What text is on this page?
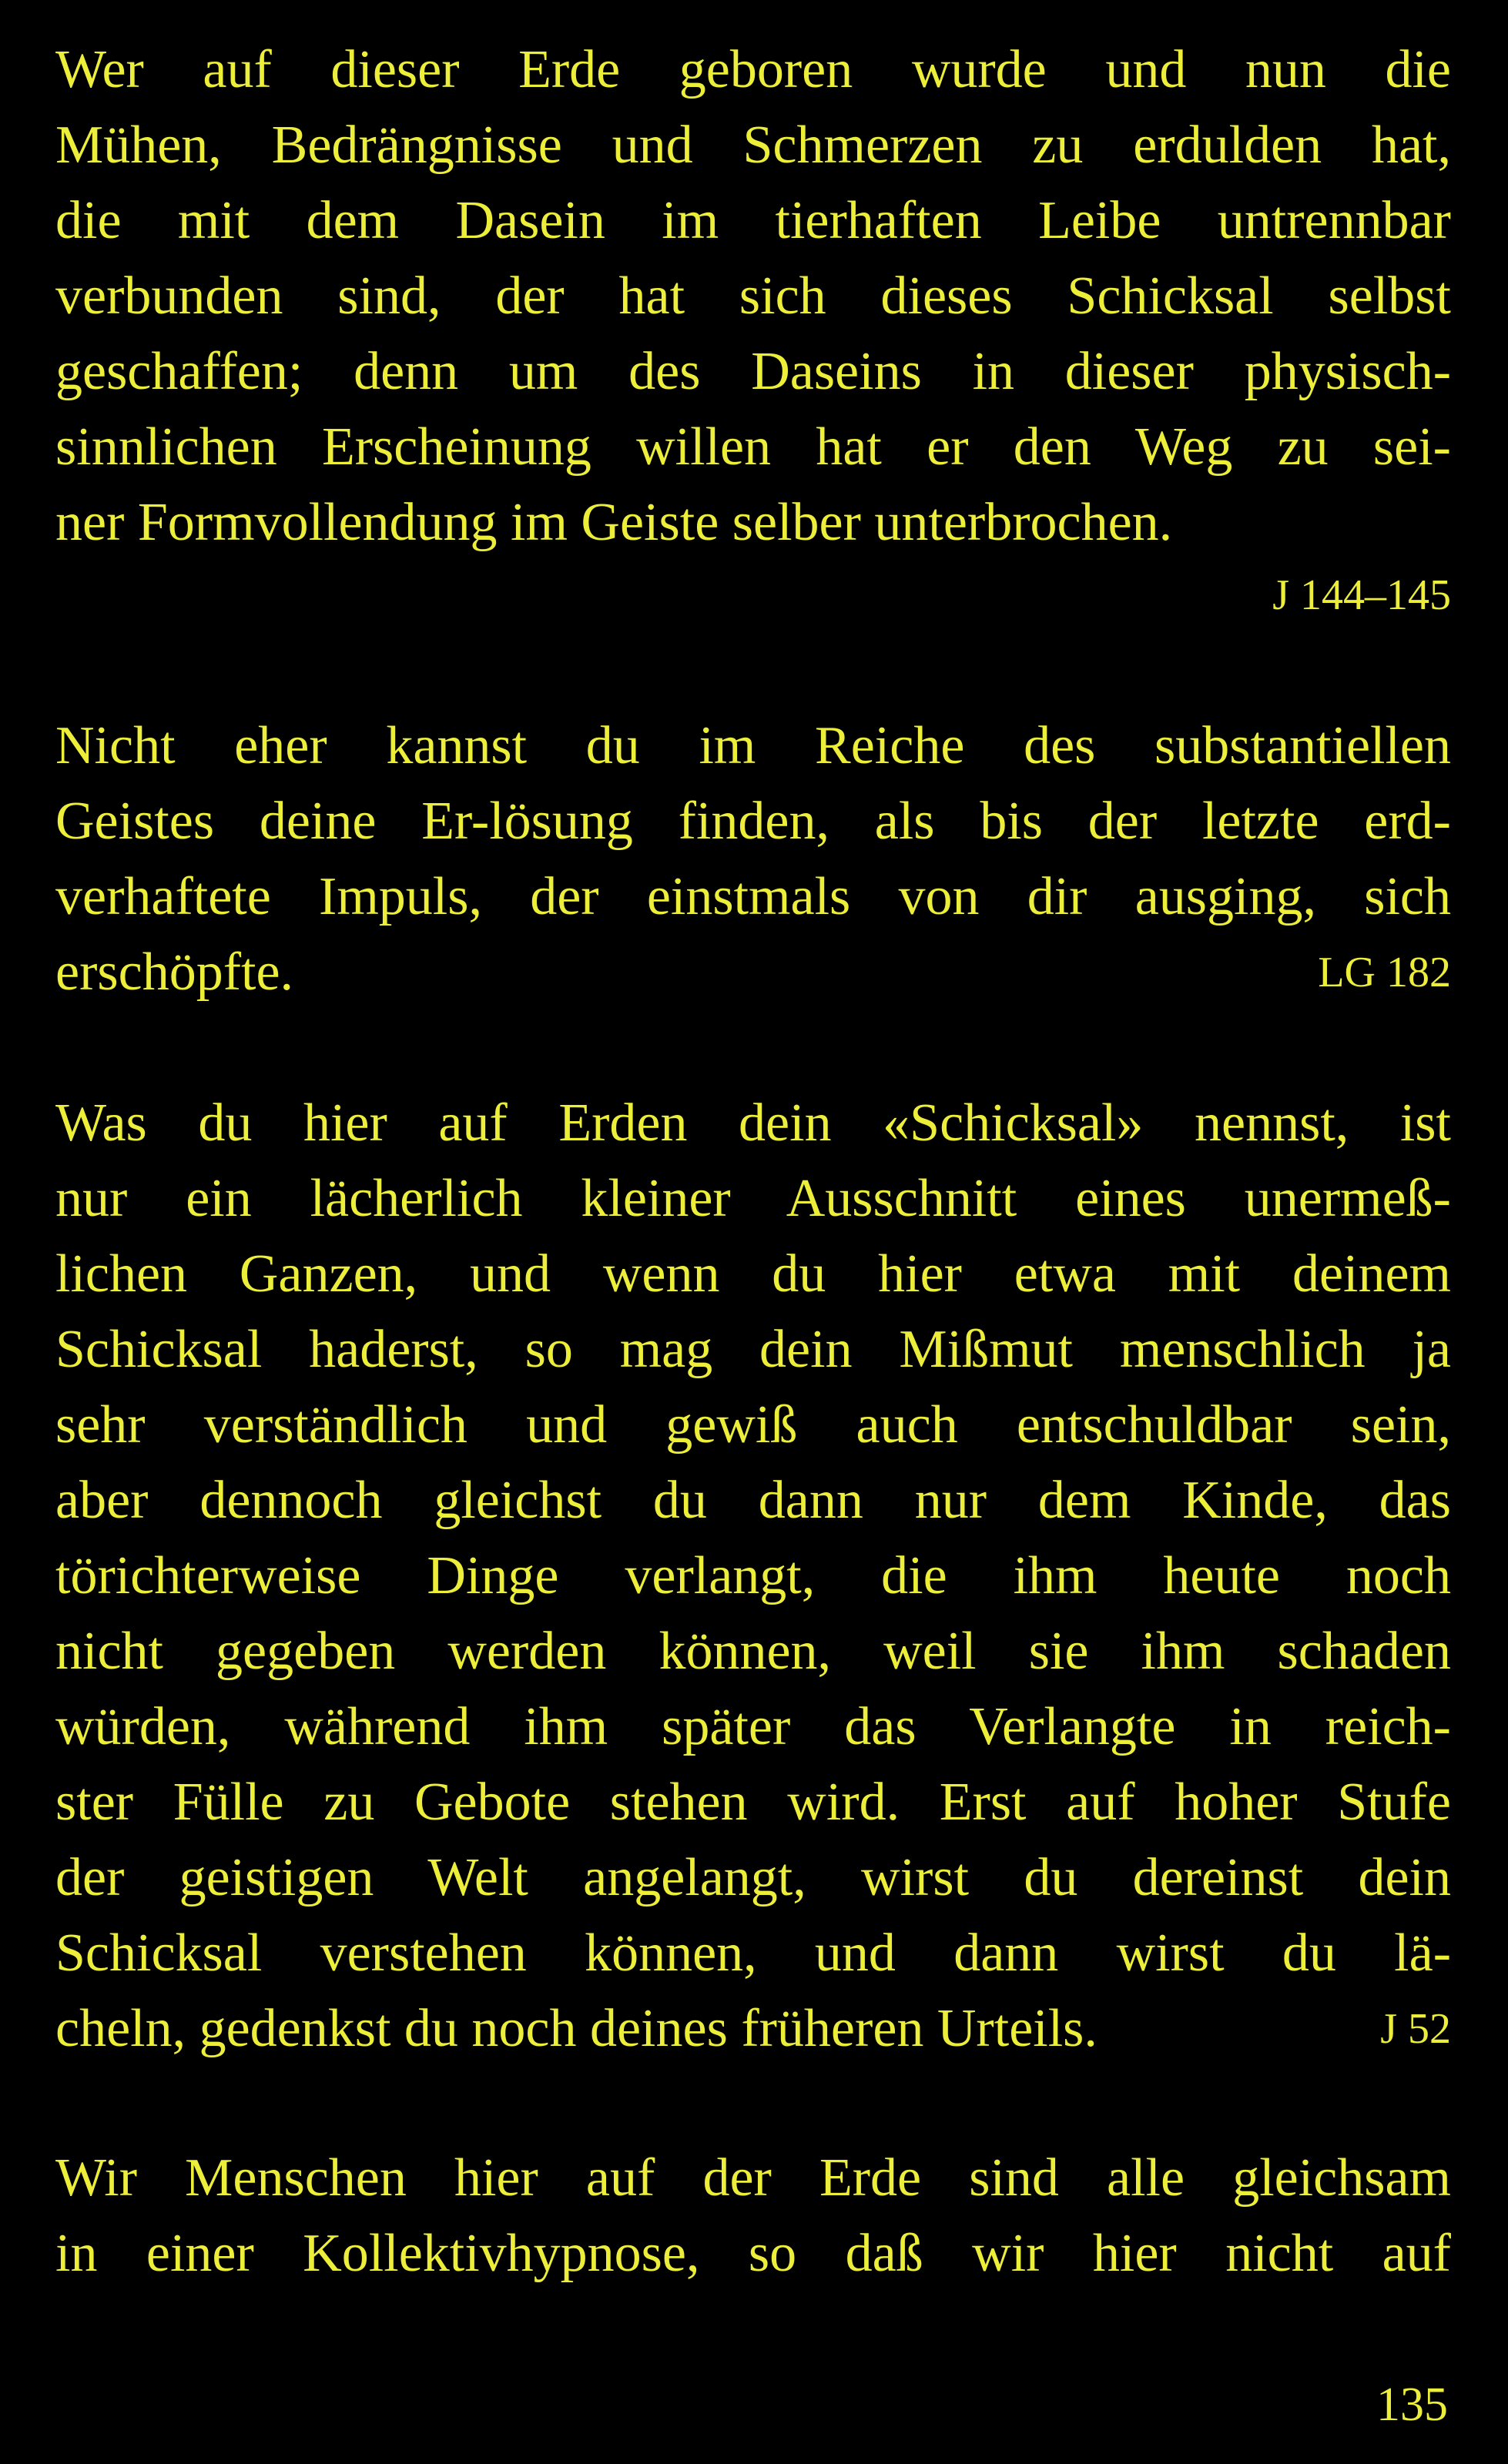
Wer auf dieser Erde geboren wurde und nun die
Mühen, Bedrängnisse und Schmerzen zu erdulden hat,
die mit dem Dasein im tierhaften Leibe untrennbar
verbunden sind, der hat sich dieses Schicksal selbst
geschaffen; denn um des Daseins in dieser physisch-
sinnlichen Erscheinung willen hat er den Weg zu sei-
ner Formvollendung im Geiste selber unterbrochen.
J 144–145
Nicht eher kannst du im Reiche des substantiellen
Geistes deine Er-lösung finden, als bis der letzte erd-
verhaftete Impuls, der einstmals von dir ausging, sich
erschöpfte.	LG 182
Was du hier auf Erden dein «Schicksal» nennst, ist
nur ein lächerlich kleiner Ausschnitt eines unermeß-
lichen Ganzen, und wenn du hier etwa mit deinem
Schicksal haderst, so mag dein Mißmut menschlich ja
sehr verständlich und gewiß auch entschuldbar sein,
aber dennoch gleichst du dann nur dem Kinde, das
törichterweise Dinge verlangt, die ihm heute noch
nicht gegeben werden können, weil sie ihm schaden
würden, während ihm später das Verlangte in reich-
ster Fülle zu Gebote stehen wird. Erst auf hoher Stufe
der geistigen Welt angelangt, wirst du dereinst dein
Schicksal verstehen können, und dann wirst du lä-
cheln, gedenkst du noch deines früheren Urteils.	J 52
Wir Menschen hier auf der Erde sind alle gleichsam
in einer Kollektivhypnose, so daß wir hier nicht auf
135
